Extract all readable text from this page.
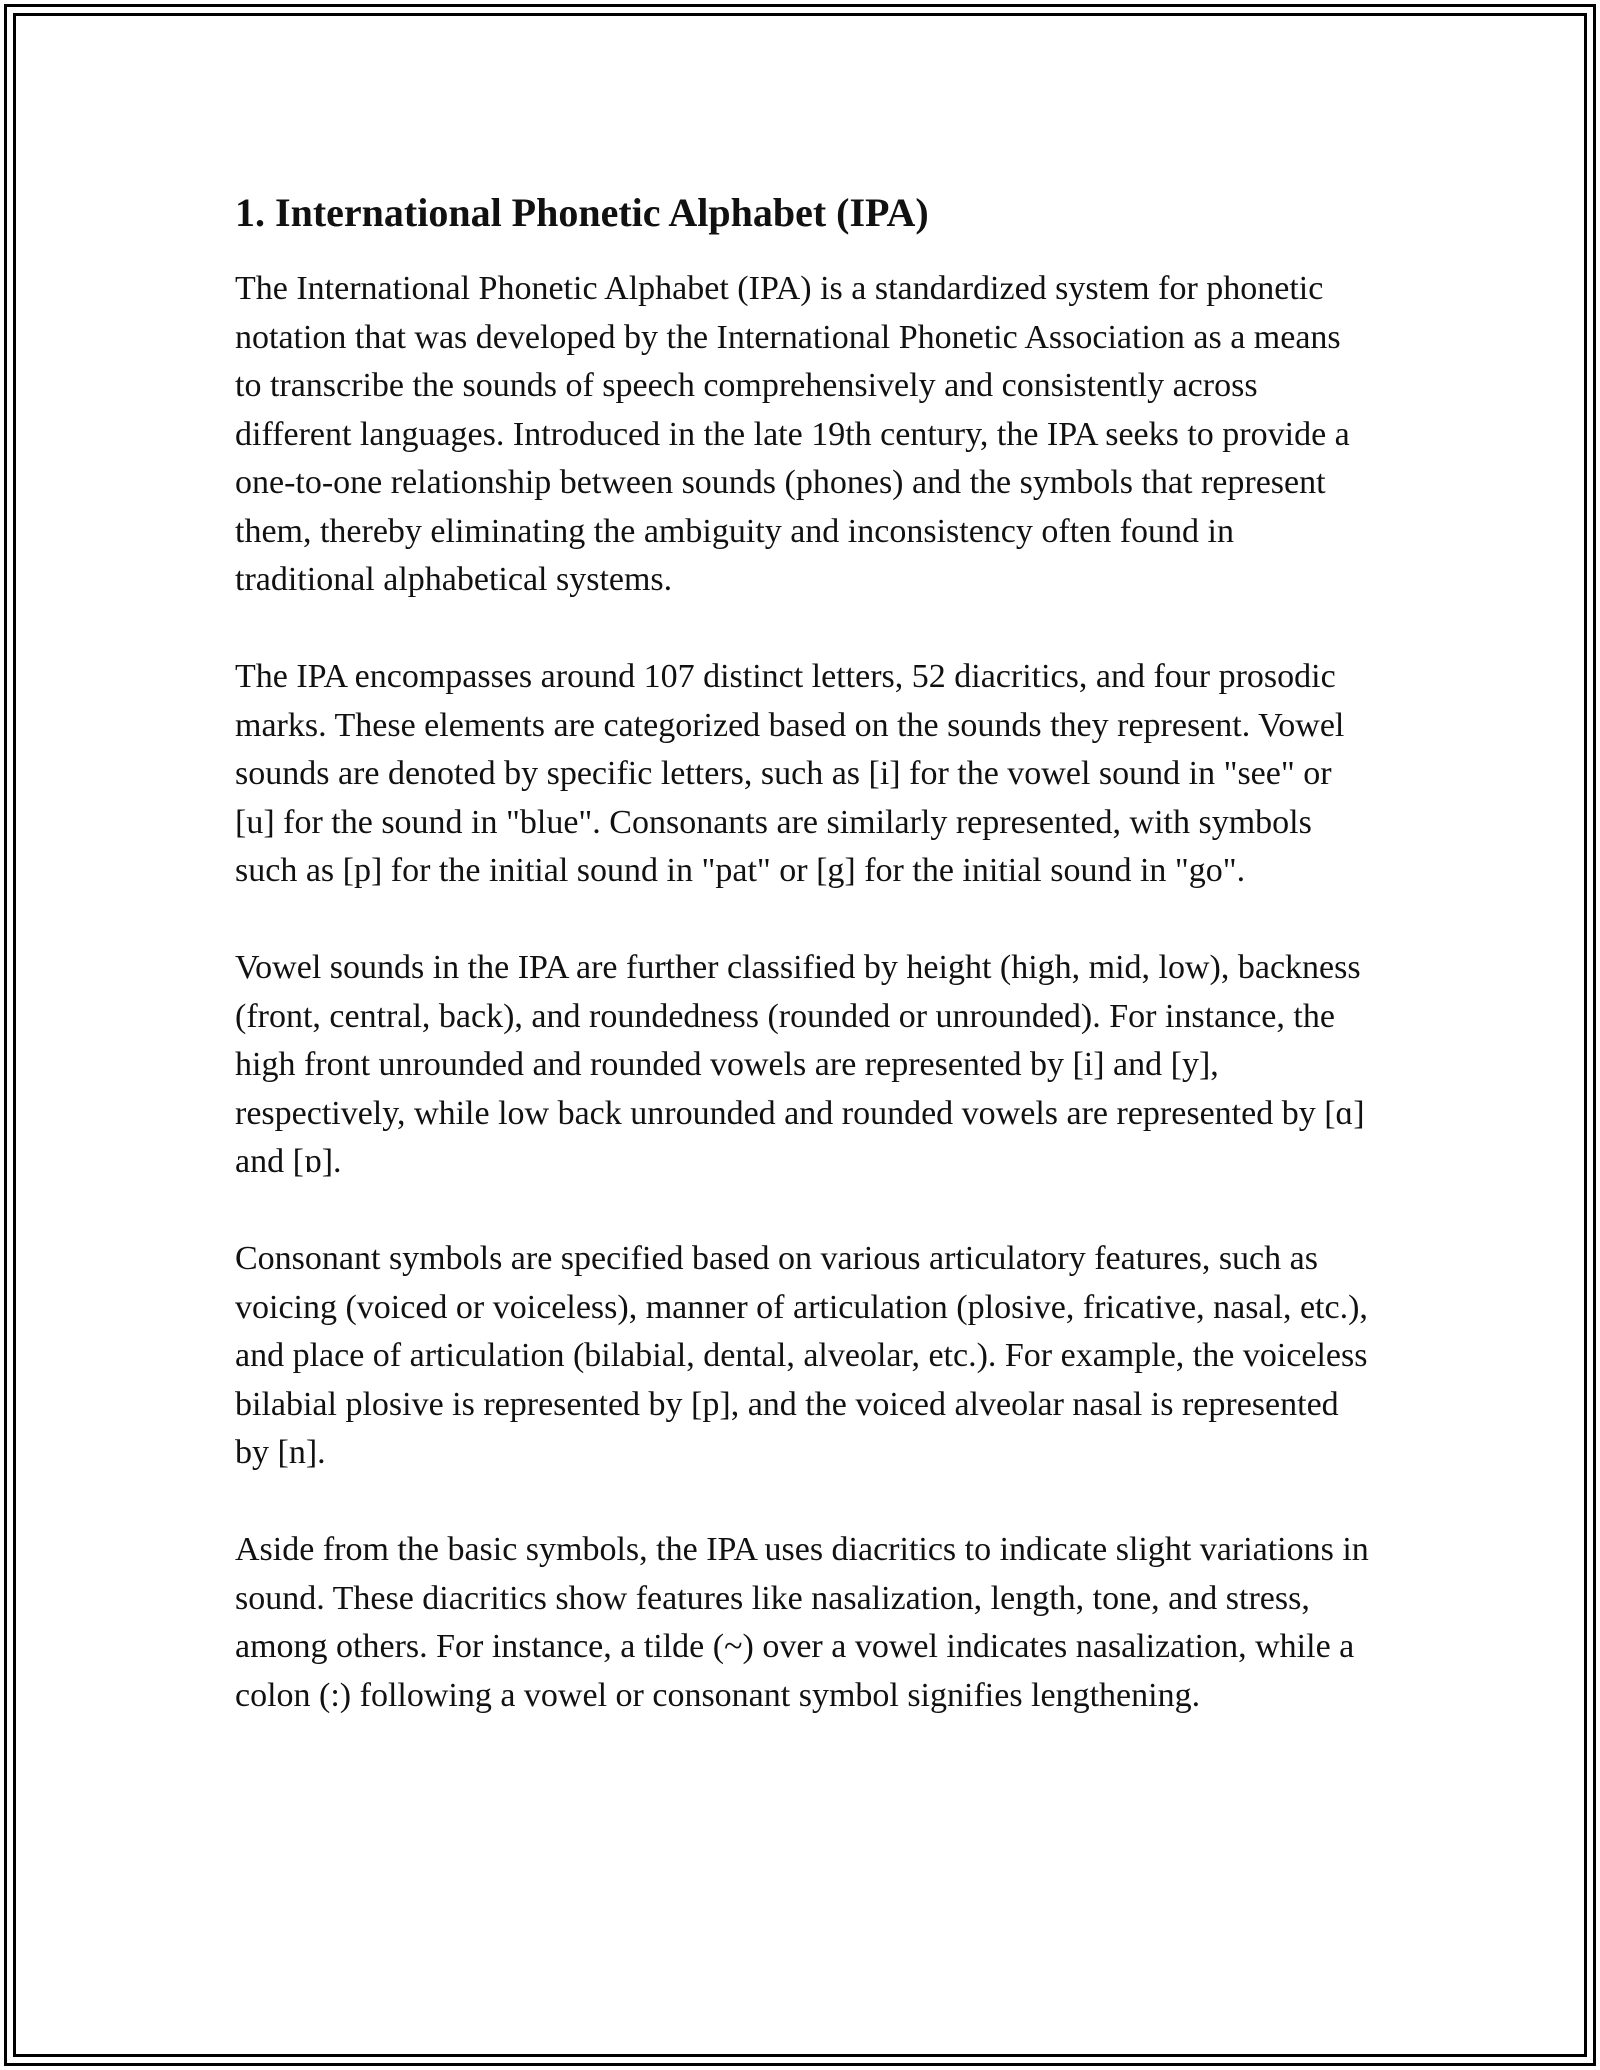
1. International Phonetic Alphabet (IPA)

The International Phonetic Alphabet (IPA) is a standardized system for phonetic notation that was developed by the International Phonetic Association as a means to transcribe the sounds of speech comprehensively and consistently across different languages. Introduced in the late 19th century, the IPA seeks to provide a one-to-one relationship between sounds (phones) and the symbols that represent them, thereby eliminating the ambiguity and inconsistency often found in traditional alphabetical systems.

The IPA encompasses around 107 distinct letters, 52 diacritics, and four prosodic marks. These elements are categorized based on the sounds they represent. Vowel sounds are denoted by specific letters, such as [i] for the vowel sound in "see" or [u] for the sound in "blue". Consonants are similarly represented, with symbols such as [p] for the initial sound in "pat" or [g] for the initial sound in "go".

Vowel sounds in the IPA are further classified by height (high, mid, low), backness (front, central, back), and roundedness (rounded or unrounded). For instance, the high front unrounded and rounded vowels are represented by [i] and [y], respectively, while low back unrounded and rounded vowels are represented by [ɑ] and [ɒ].

Consonant symbols are specified based on various articulatory features, such as voicing (voiced or voiceless), manner of articulation (plosive, fricative, nasal, etc.), and place of articulation (bilabial, dental, alveolar, etc.). For example, the voiceless bilabial plosive is represented by [p], and the voiced alveolar nasal is represented by [n].

Aside from the basic symbols, the IPA uses diacritics to indicate slight variations in sound. These diacritics show features like nasalization, length, tone, and stress, among others. For instance, a tilde (~) over a vowel indicates nasalization, while a colon (:) following a vowel or consonant symbol signifies lengthening.
